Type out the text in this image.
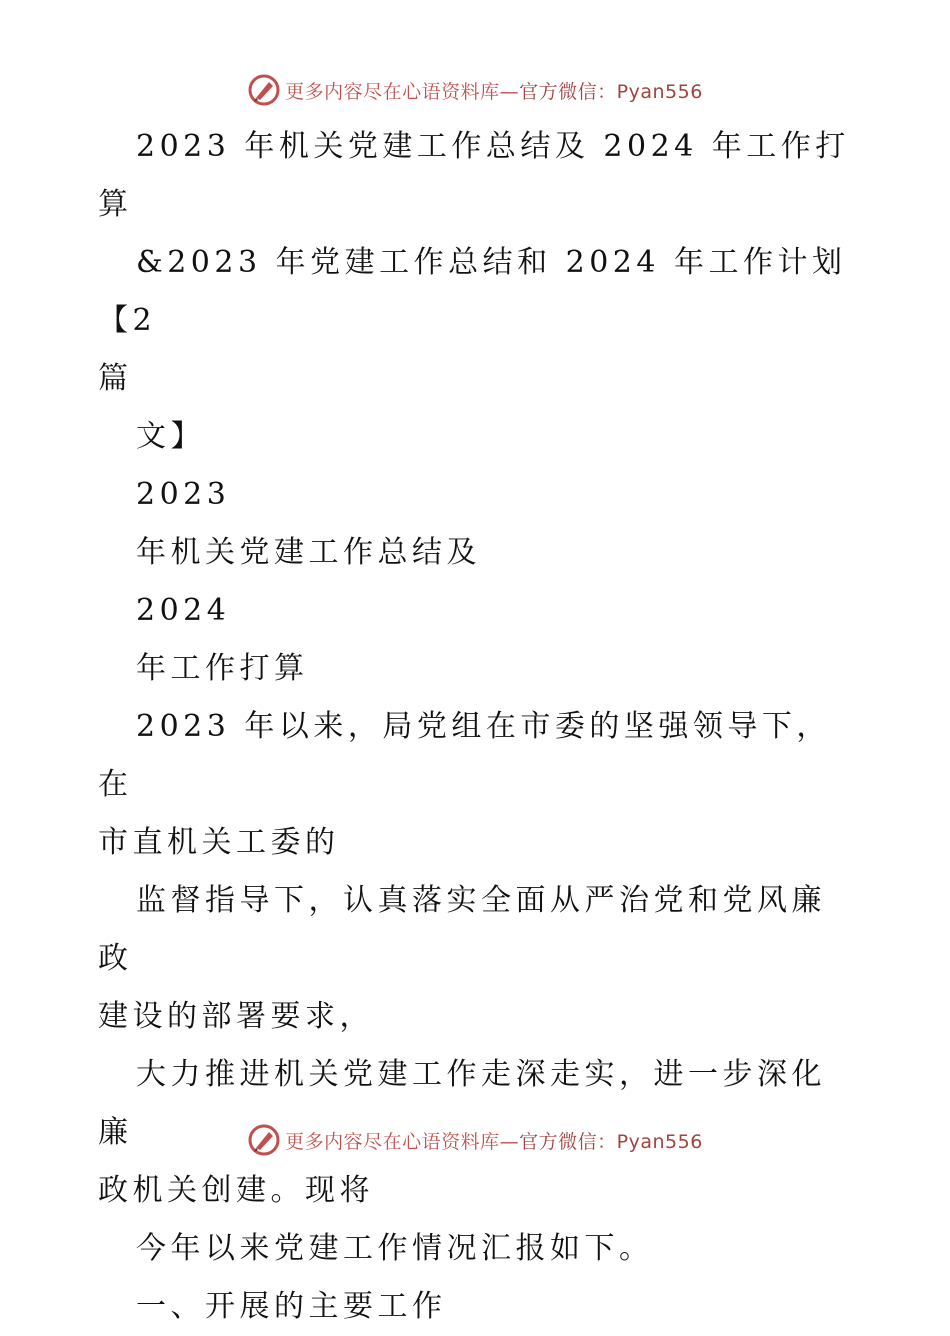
更多内容尽在心语资料库—官方微信：Pyan556

2023 年机关党建工作总结及 2024 年工作打算

&2023 年党建工作总结和 2024 年工作计划【2

篇

文】

2023

年机关党建工作总结及

2024

年工作打算

2023 年以来，局党组在市委的坚强领导下，在

市直机关工委的

监督指导下，认真落实全面从严治党和党风廉政

建设的部署要求，

大力推进机关党建工作走深走实，进一步深化廉

政机关创建。现将

今年以来党建工作情况汇报如下。

一、开展的主要工作

更多内容尽在心语资料库—官方微信：Pyan556
